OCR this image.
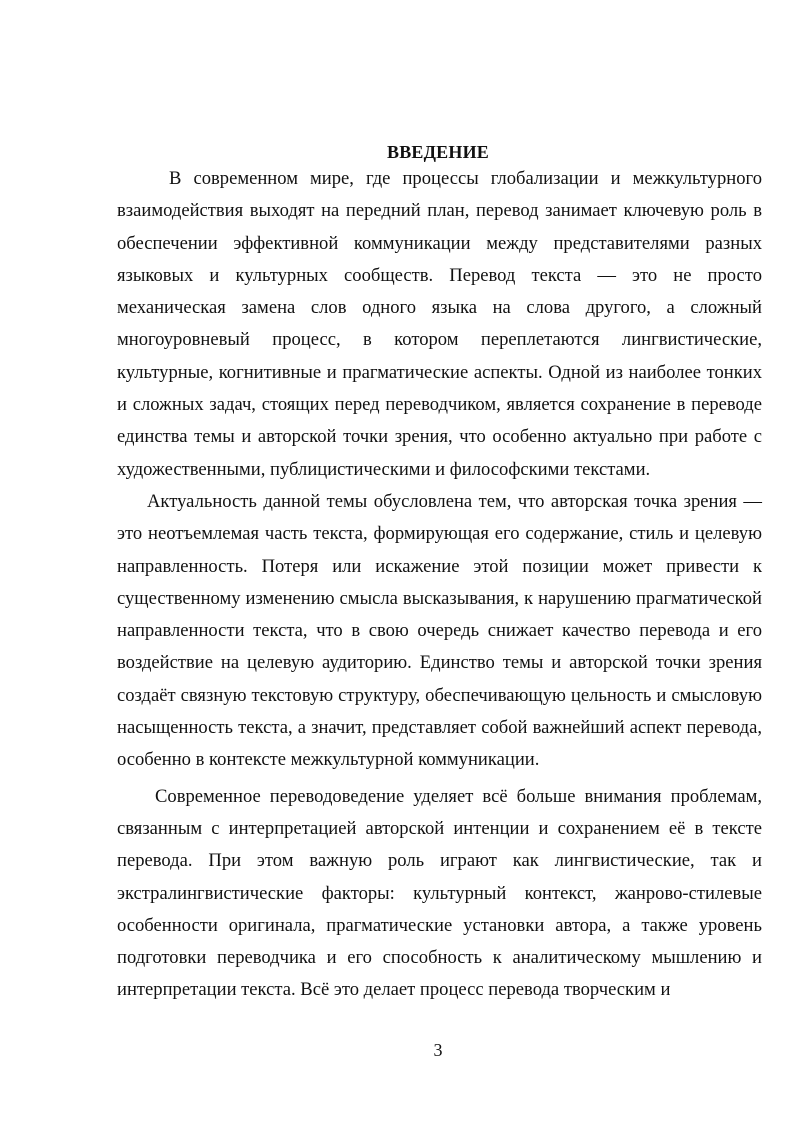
ВВЕДЕНИЕ

В современном мире, где процессы глобализации и межкультурного взаимодействия выходят на передний план, перевод занимает ключевую роль в обеспечении эффективной коммуникации между представителями разных языковых и культурных сообществ. Перевод текста — это не просто механическая замена слов одного языка на слова другого, а сложный многоуровневый процесс, в котором переплетаются лингвистические, культурные, когнитивные и прагматические аспекты. Одной из наиболее тонких и сложных задач, стоящих перед переводчиком, является сохранение в переводе единства темы и авторской точки зрения, что особенно актуально при работе с художественными, публицистическими и философскими текстами.

Актуальность данной темы обусловлена тем, что авторская точка зрения — это неотъемлемая часть текста, формирующая его содержание, стиль и целевую направленность. Потеря или искажение этой позиции может привести к существенному изменению смысла высказывания, к нарушению прагматической направленности текста, что в свою очередь снижает качество перевода и его воздействие на целевую аудиторию. Единство темы и авторской точки зрения создаёт связную текстовую структуру, обеспечивающую цельность и смысловую насыщенность текста, а значит, представляет собой важнейший аспект перевода, особенно в контексте межкультурной коммуникации.

Современное переводоведение уделяет всё больше внимания проблемам, связанным с интерпретацией авторской интенции и сохранением её в тексте перевода. При этом важную роль играют как лингвистические, так и экстралингвистические факторы: культурный контекст, жанрово-стилевые особенности оригинала, прагматические установки автора, а также уровень подготовки переводчика и его способность к аналитическому мышлению и интерпретации текста. Всё это делает процесс перевода творческим и

3
